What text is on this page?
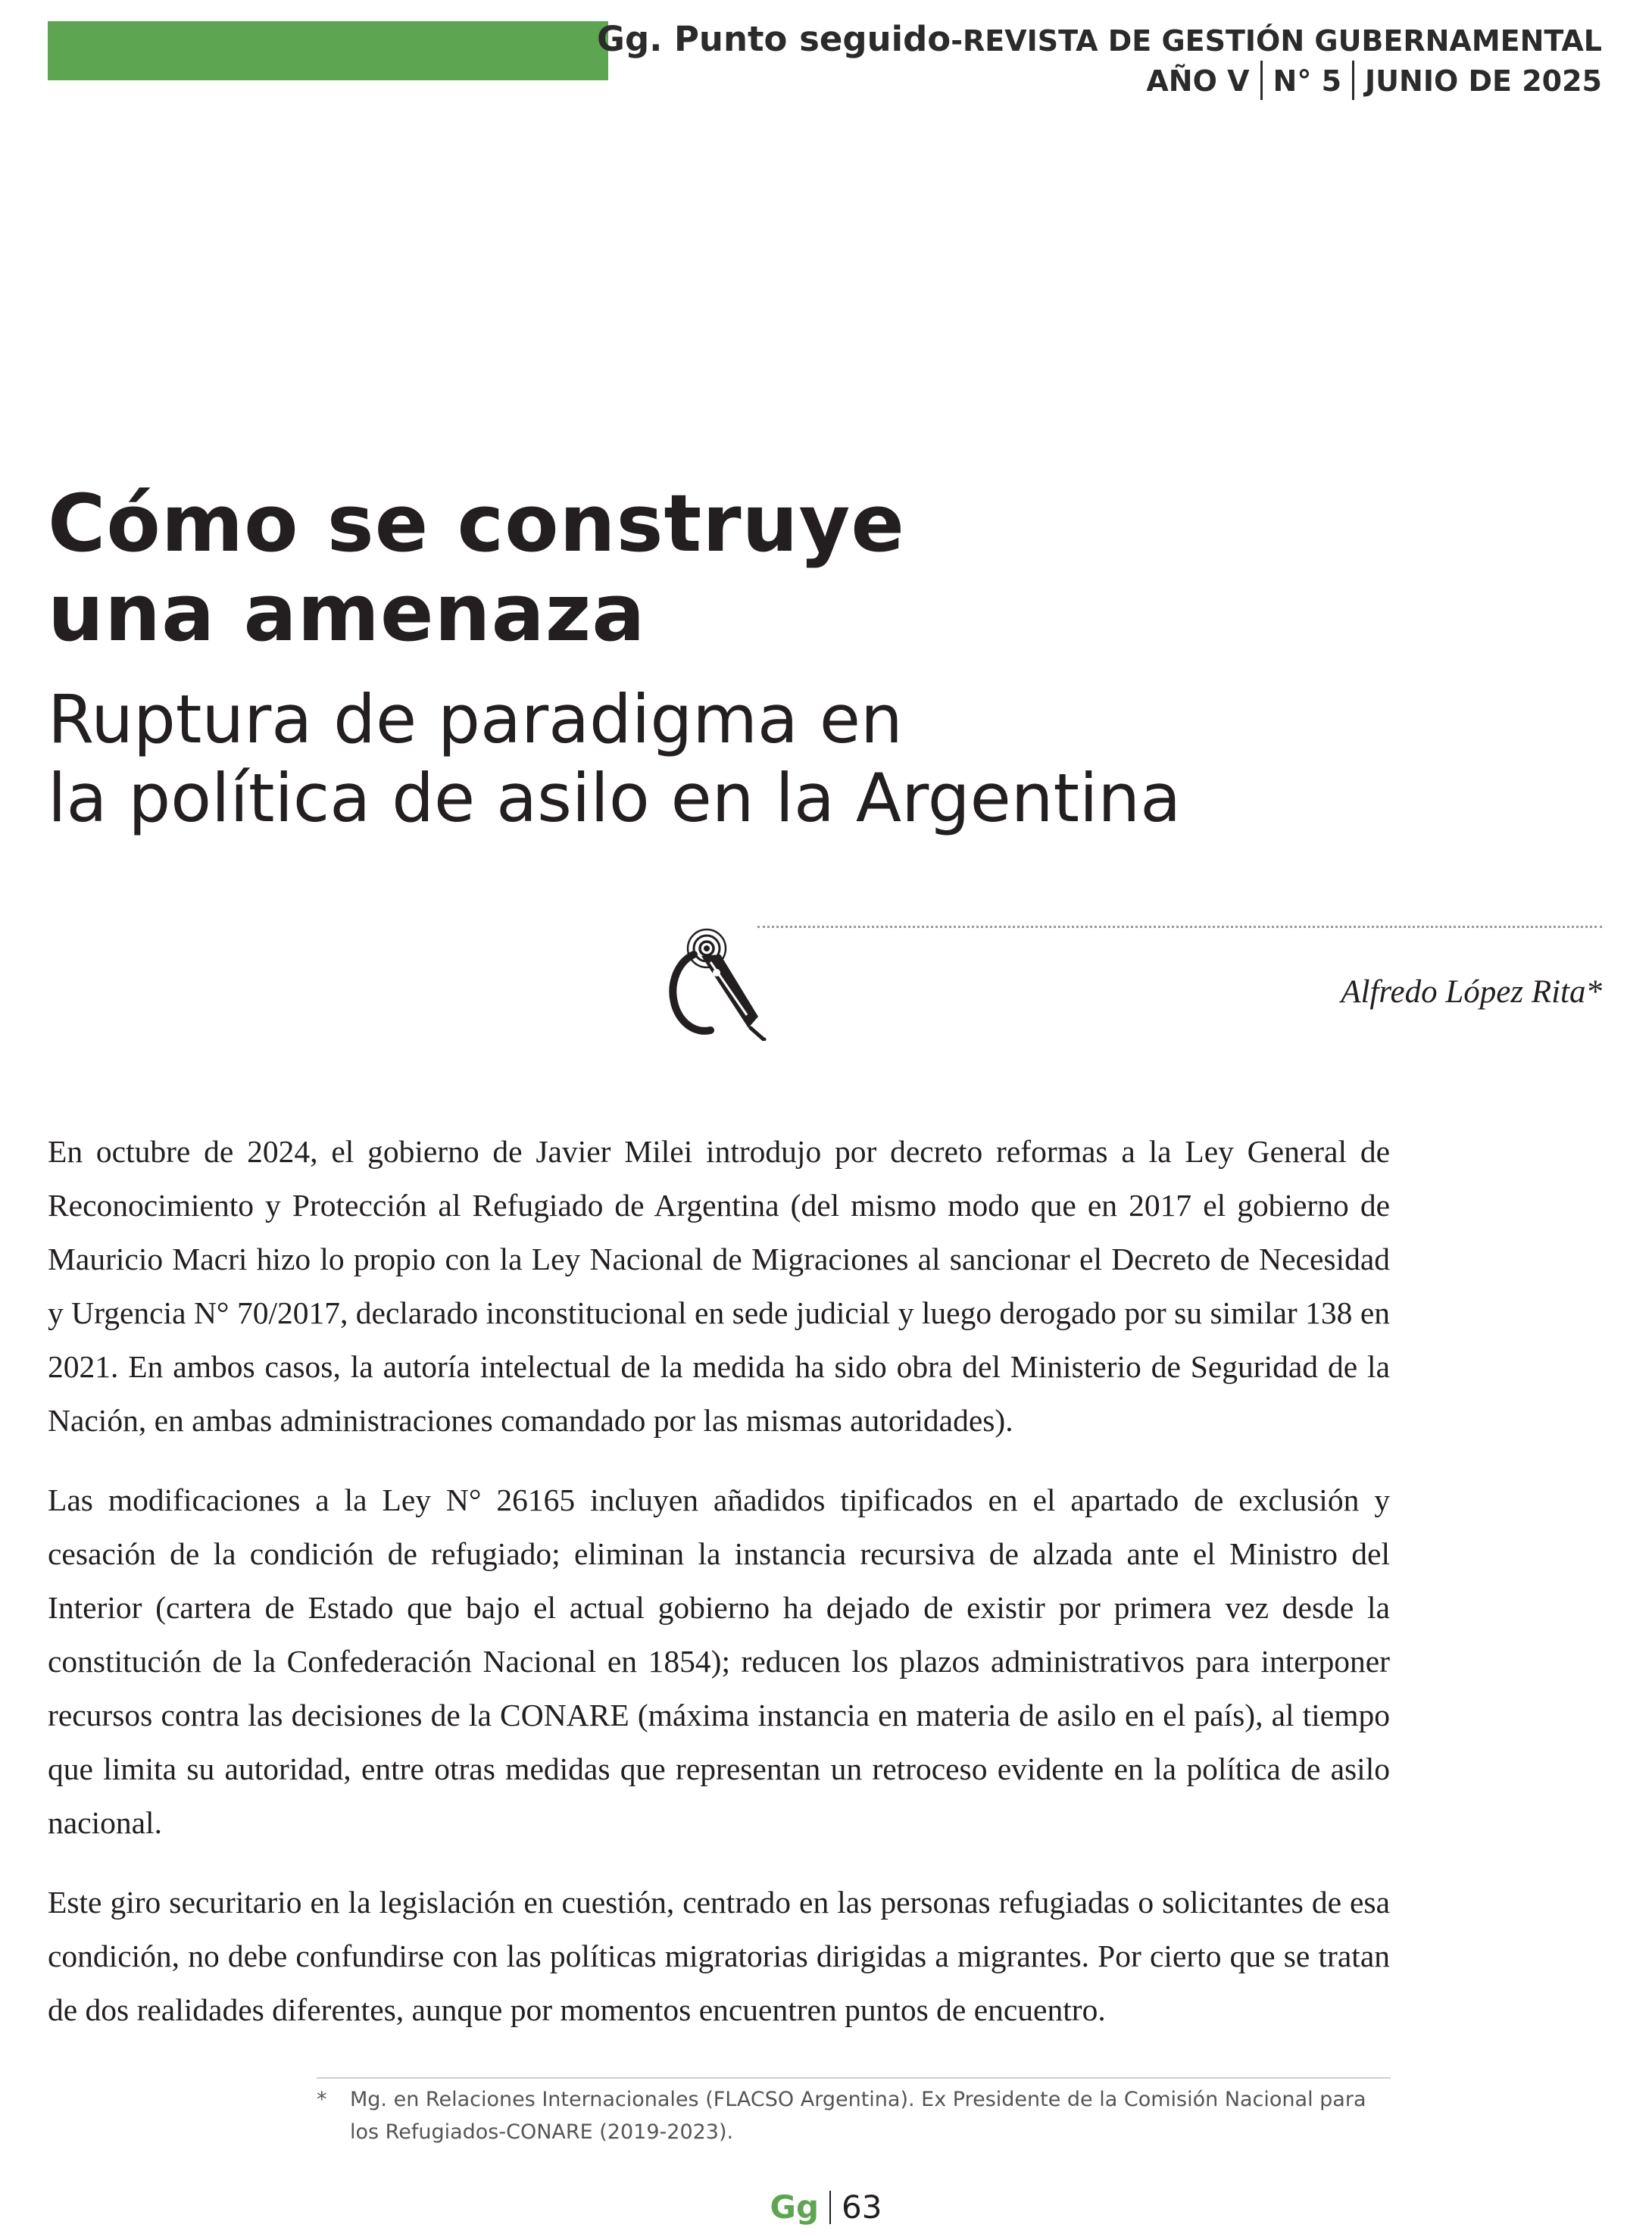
Gg. Punto seguido-REVISTA DE GESTIÓN GUBERNAMENTAL
AÑO V N° 5 JUNIO DE 2025
Cómo se construye
una amenaza
Ruptura de paradigma en
la política de asilo en la Argentina
Alfredo López Rita*

En octubre de 2024, el gobierno de Javier Milei introdujo por decreto reformas a la Ley General de Reconocimiento y Protección al Refugiado de Argentina (del mismo modo que en 2017 el gobierno de Mauricio Macri hizo lo propio con la Ley Nacional de Migraciones al sancionar el Decreto de Necesidad y Urgencia N° 70/2017, declarado inconstitucional en sede judicial y luego derogado por su similar 138 en 2021. En ambos casos, la autoría intelectual de la medida ha sido obra del Ministerio de Seguridad de la Nación, en ambas administraciones comandado por las mismas autoridades).

Las modificaciones a la Ley N° 26165 incluyen añadidos tipificados en el apartado de exclusión y cesación de la condición de refugiado; eliminan la instancia recursiva de alzada ante el Ministro del Interior (cartera de Estado que bajo el actual gobierno ha dejado de existir por primera vez desde la constitución de la Confederación Nacional en 1854); reducen los plazos administrativos para interponer recursos contra las decisiones de la CONARE (máxima instancia en materia de asilo en el país), al tiempo que limita su autoridad, entre otras medidas que representan un retroceso evidente en la política de asilo nacional.

Este giro securitario en la legislación en cuestión, centrado en las personas refugiadas o solicitantes de esa condición, no debe confundirse con las políticas migratorias dirigidas a migrantes. Por cierto que se tratan de dos realidades diferentes, aunque por momentos encuentren puntos de encuentro.

* Mg. en Relaciones Internacionales (FLACSO Argentina). Ex Presidente de la Comisión Nacional para los Refugiados-CONARE (2019-2023).
Gg 63
